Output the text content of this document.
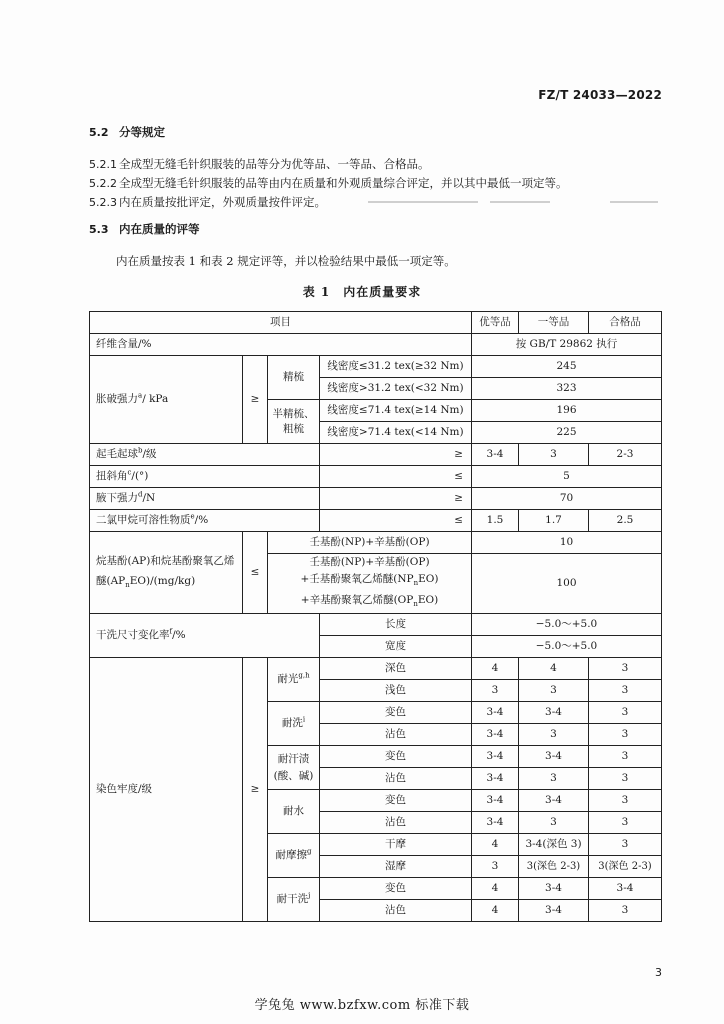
FZ/T 24033—2022
5.2 分等规定
5.2.1 全成型无缝毛针织服装的品等分为优等品、一等品、合格品。
5.2.2 全成型无缝毛针织服装的品等由内在质量和外观质量综合评定，并以其中最低一项定等。
5.2.3 内在质量按批评定，外观质量按件评定。
5.3 内在质量的评等
内在质量按表 1 和表 2 规定评等，并以检验结果中最低一项定等。
表 1　内在质量要求
项目				优等品	一等品	合格品
纤维含量/%				按 GB/T 29862 执行		
胀破强力$^a$/ kPa	≥	精梳	线密度≤31.2 tex(≥32 Nm)	245		
			线密度>31.2 tex(<32 Nm)	323		
		半精梳、粗梳	线密度≤71.4 tex(≥14 Nm)	196		
			线密度>71.4 tex(<14 Nm)	225		
起毛起球$^b$/级			≥	3-4	3	2-3
扭斜角$^c$/(°)			≤	5		
腋下强力$^d$/N			≥	70		
二氯甲烷可溶性物质$^e$/%			≤	1.5	1.7	2.5
烷基酚(AP)和烷基酚聚氧乙烯
醚$(AP_nEO)/(mg/kg)$	≤	壬基酚(NP)+辛基酚(OP)		10		
		壬基酚(NP)+辛基酚(OP)
+壬基酚聚氧乙烯醚$(NP_nEO)$
+辛基酚聚氧乙烯醚$(OP_nEO)$		100		
干洗尺寸变化率$^f$/%			长度	−5.0～+5.0		
			宽度	−5.0～+5.0		
染色牢度/级	≥	耐光$^{g,h}$	深色	4	4	3
			浅色	3	3	3
		耐洗$^i$	变色	3-4	3-4	3
			沾色	3-4	3	3
		耐汗渍
(酸、碱)	变色	3-4	3-4	3
			沾色	3-4	3	3
		耐水	变色	3-4	3-4	3
			沾色	3-4	3	3
		耐摩擦$^g$	干摩	4	3-4(深色 3)	3
			湿摩	3	3(深色 2-3)	3(深色 2-3)
		耐干洗$^j$	变色	4	3-4	3-4
			沾色	4	3-4	3
3
学兔兔 www.bzfxw.com 标准下载
